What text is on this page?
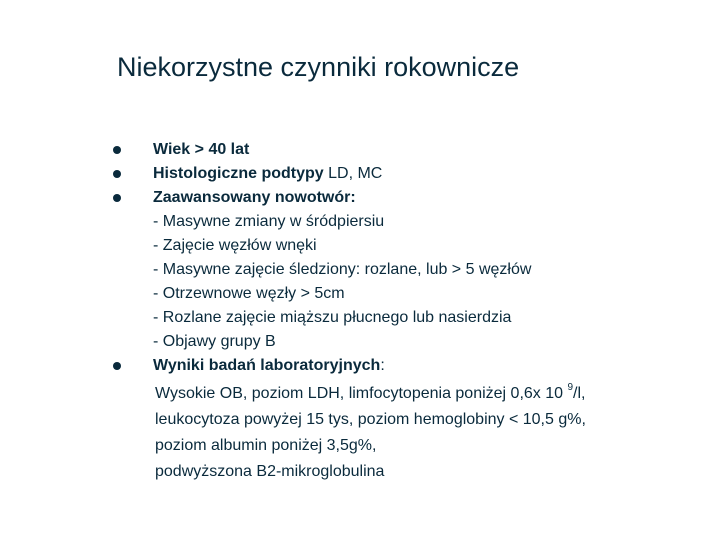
Niekorzystne czynniki rokownicze
Wiek > 40 lat
Histologiczne podtypy LD, MC
Zaawansowany nowotwór:
- Masywne zmiany w śródpiersiu
- Zajęcie węzłów wnęki
- Masywne zajęcie śledziony: rozlane, lub > 5 węzłów
- Otrzewnowe węzły > 5cm
- Rozlane zajęcie miąższu płucnego lub nasierdzia
- Objawy grupy B
Wyniki badań laboratoryjnych:
Wysokie OB, poziom LDH, limfocytopenia poniżej 0,6x 10 $^9$/l,
leukocytoza powyżej 15 tys, poziom hemoglobiny < 10,5 g%,
poziom albumin poniżej 3,5g%,
podwyższona B2-mikroglobulina
